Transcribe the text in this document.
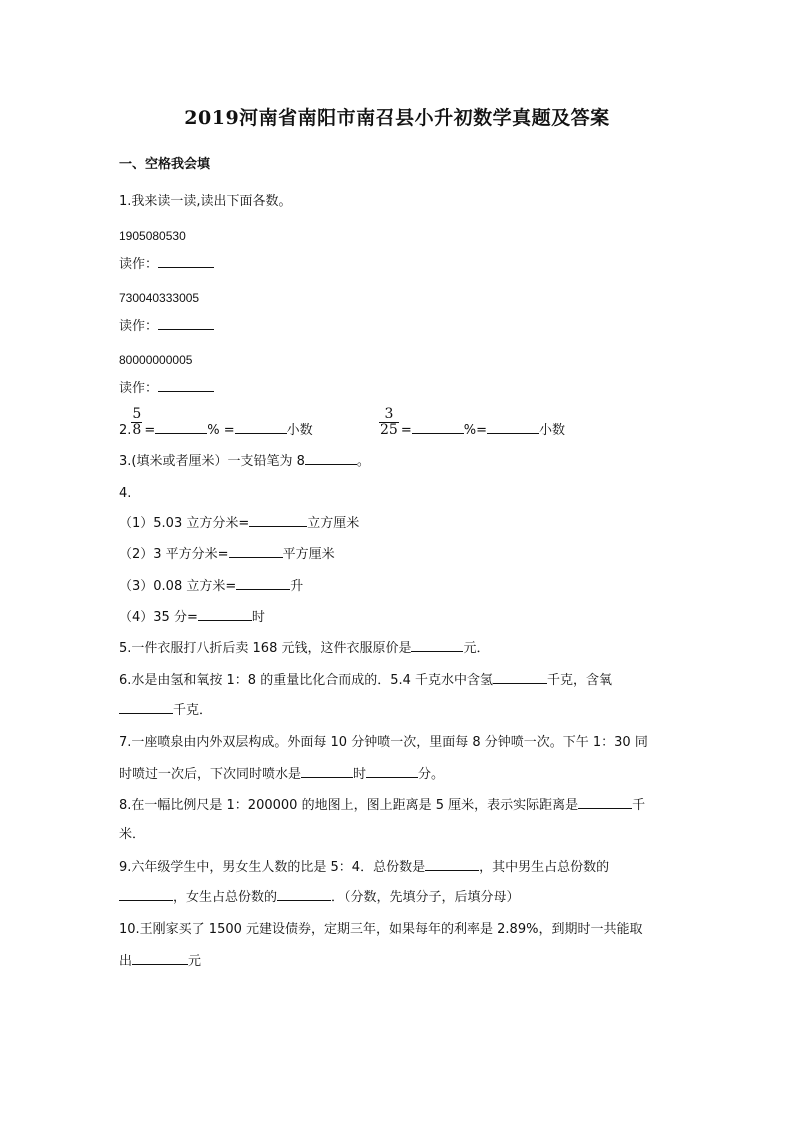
2019河南省南阳市南召县小升初数学真题及答案
一、空格我会填
1.我来读一读,读出下面各数。
1905080530
读作：
730040333005
读作：
80000000005
读作：
2. $\frac{5}{8}$ =	% =	小数	$\frac{3}{25}$ =	%=	小数
3.(填米或者厘米）一支铅笔为 8	。
4.
（1）5.03 立方分米=	立方厘米
（2）3 平方分米=	平方厘米
（3）0.08 立方米=	升
（4）35 分=	时
5.一件衣服打八折后卖 168 元钱，这件衣服原价是	元．
6.水是由氢和氧按 1：8 的重量比化合而成的．5.4 千克水中含氢	千克，含氧
千克．
7.一座喷泉由内外双层构成。外面每 10 分钟喷一次，里面每 8 分钟喷一次。下午 1：30 同
时喷过一次后，下次同时喷水是	时	分。
8.在一幅比例尺是 1：200000 的地图上，图上距离是 5 厘米，表示实际距离是	千
米．
9.六年级学生中，男女生人数的比是 5：4．总份数是	，其中男生占总份数的
，女生占总份数的	．（分数，先填分子，后填分母）
10.王刚家买了 1500 元建设债券，定期三年，如果每年的利率是 2.89%，到期时一共能取
出	元
